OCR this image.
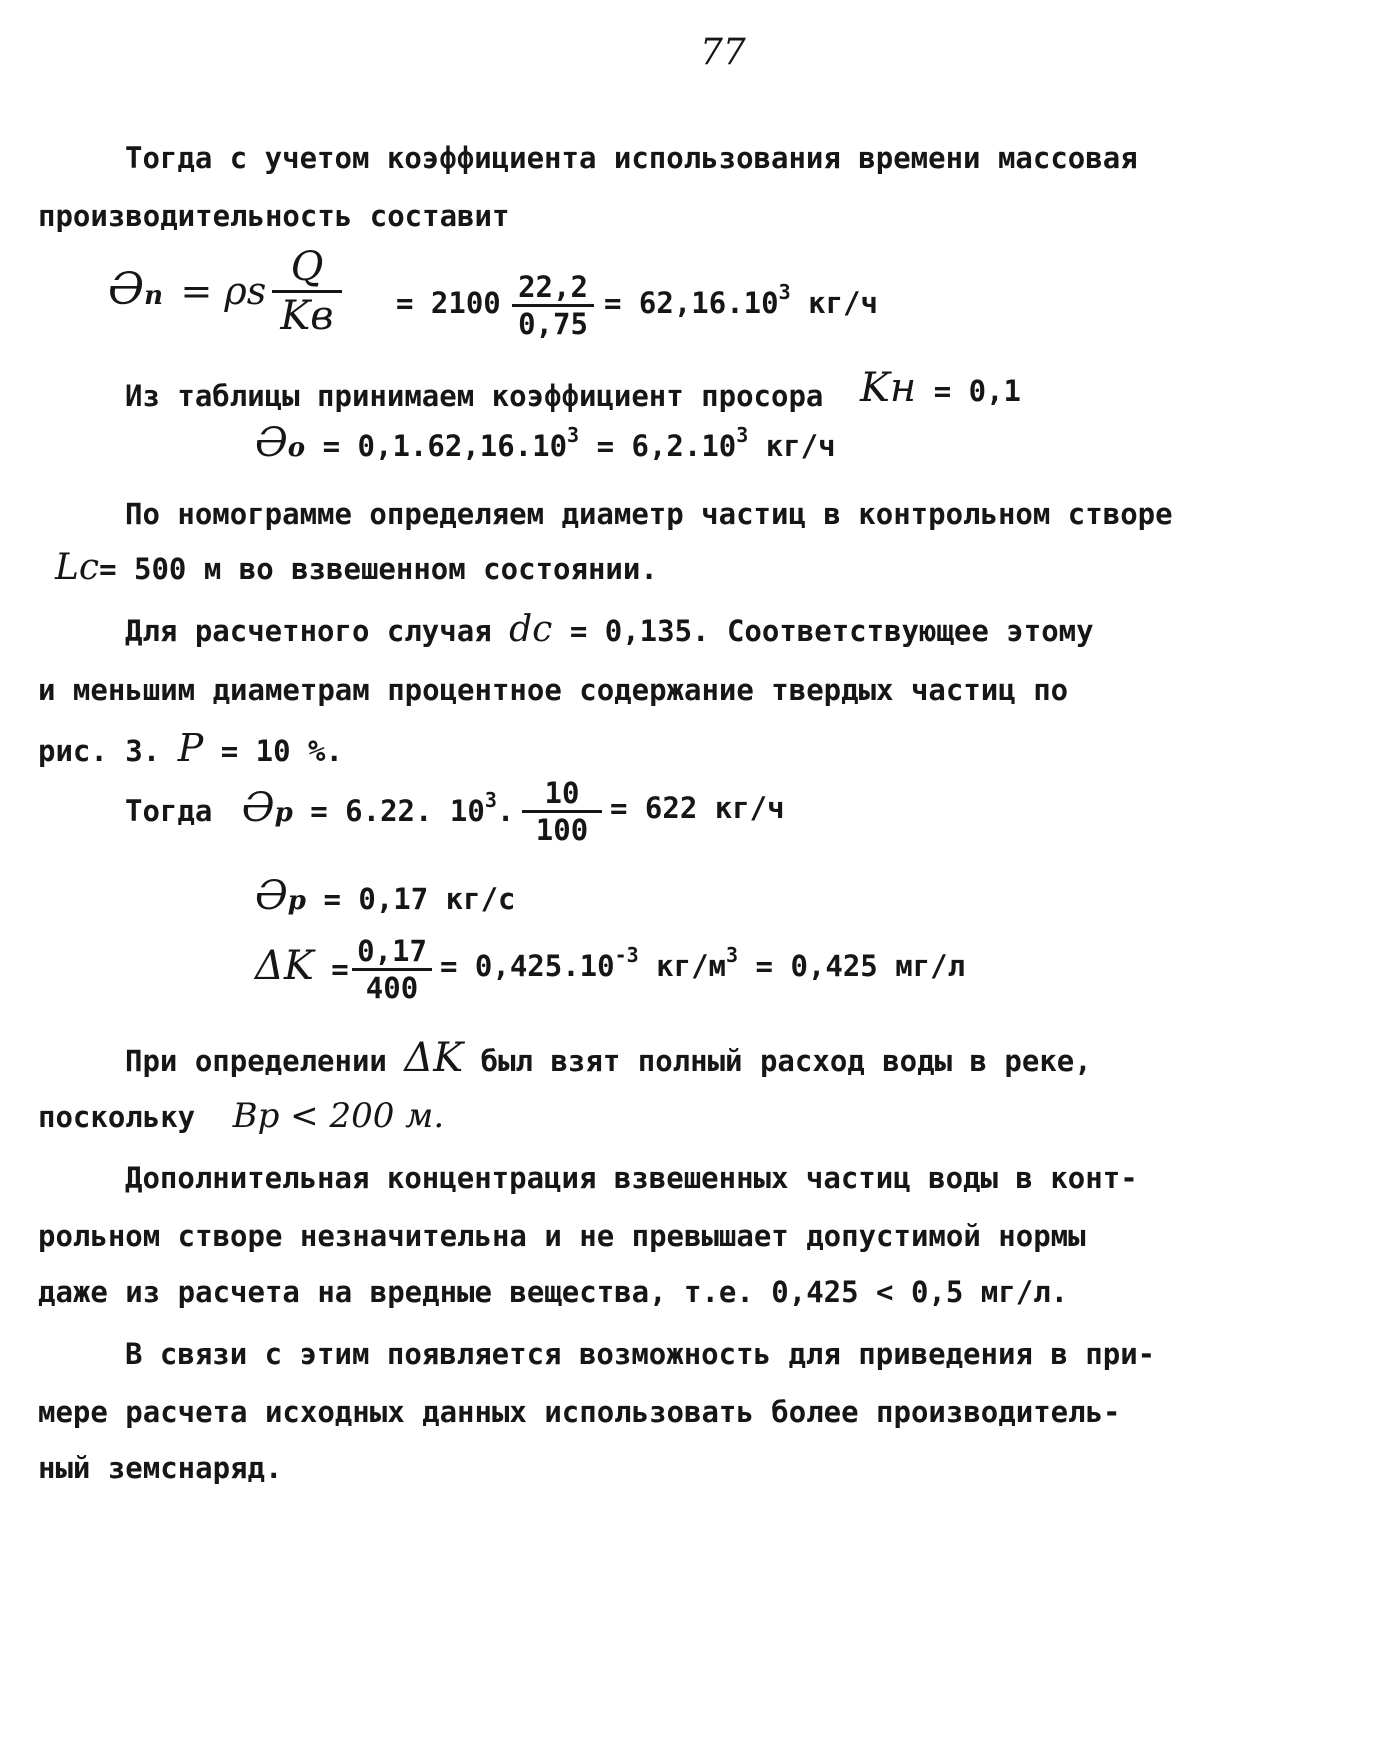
77
Тогда с учетом коэффициента использования времени массовая
производительность составит
Əп = ρs
Q
Kв = $2100 \frac{22,2}{0,75} = 62,16.10^3$ кг/ч
Из таблицы принимаем коэффициент просора Kн = 0,1
Əо = $0,1.62,16.10^3 = 6,2.10^3$ кг/ч
По номограмме определяем диаметр частиц в контрольном створе
Lс= 500 м во взвешенном состоянии.
Для расчетного случая dс = 0,135. Соответствующее этому
и меньшим диаметрам процентное содержание твердых частиц по
рис. 3. P = 10 %.
Тогда Əр = 6.22. $10^3$. $\frac{10}{100} = 622$ кг/ч
Əр = 0,17 кг/с
$\Delta K = \frac{0,17}{400} = 0,425.10^{-3}$ $кг/м^3 = 0,425$ мг/л
При определении ΔK был взят полный расход воды в реке,
поскольку Bр < 200 м.
Дополнительная концентрация взвешенных частиц воды в конт-
рольном створе незначительна и не превышает допустимой нормы
даже из расчета на вредные вещества, т.е. 0,425 < 0,5 мг/л.
В связи с этим появляется возможность для приведения в при-
мере расчета исходных данных использовать более производитель-
ный земснаряд.
